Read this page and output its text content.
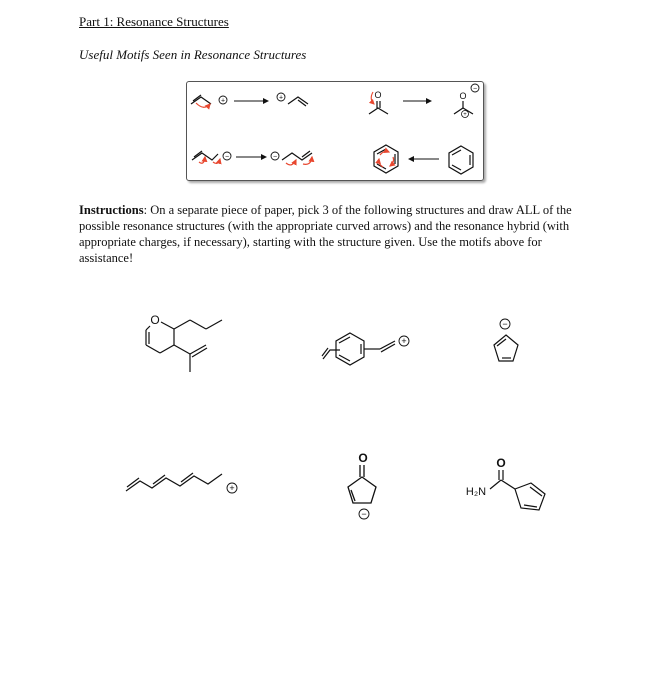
Part 1: Resonance Structures
Useful Motifs Seen in Resonance Structures
Instructions: On a separate piece of paper, pick 3 of the following structures and draw ALL of the possible resonance structures (with the appropriate curved arrows) and the resonance hybrid (with appropriate charges, if necessary), starting with the structure given. Use the motifs above for assistance!
+	+	O	O
−
+
−	−
O
+
−
+
O
−
O
H₂N
